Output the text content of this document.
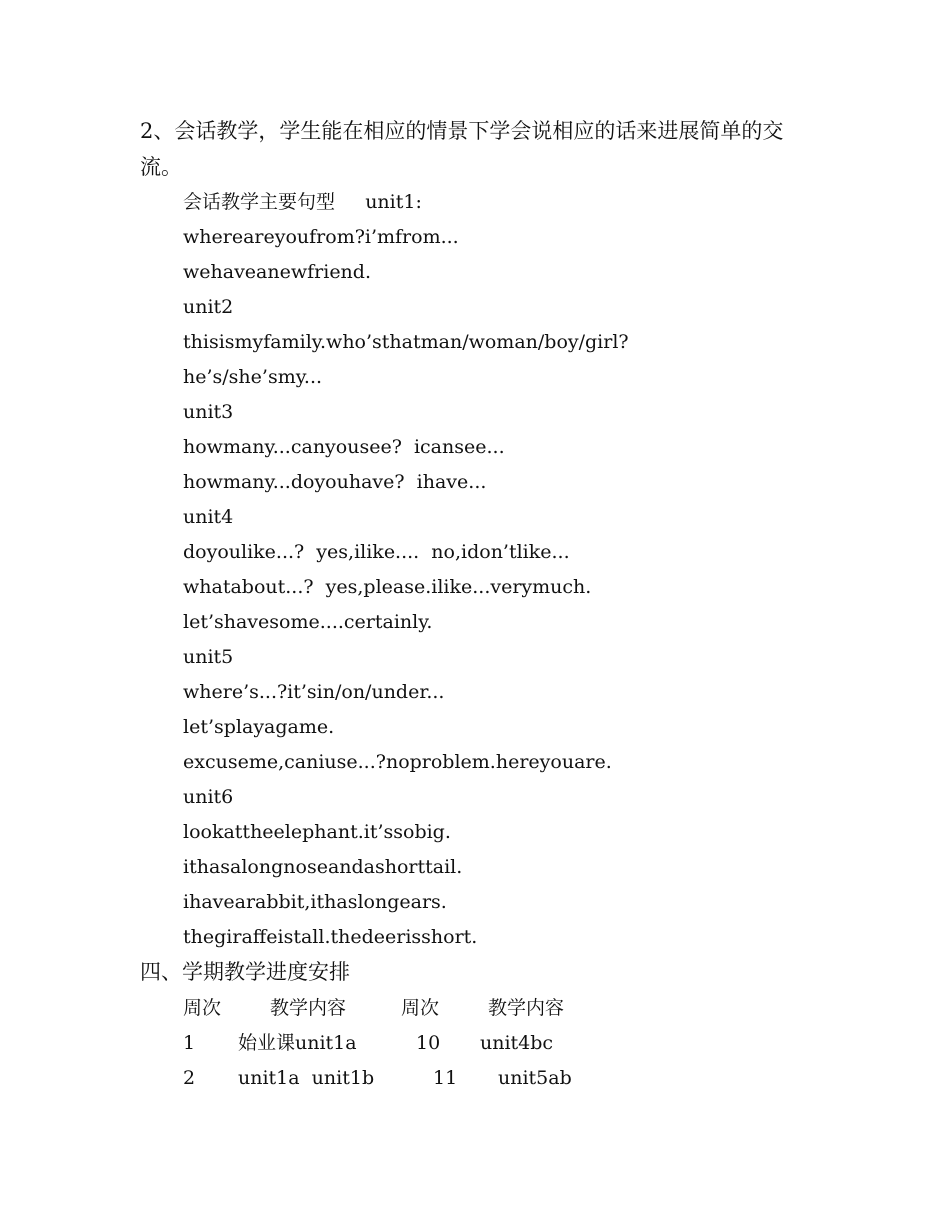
2、会话教学，学生能在相应的情景下学会说相应的话来进展简单的交
流。
会话教学主要句型     unit1:
whereareyoufrom?i’mfrom...
wehaveanewfriend.
unit2
thisismyfamily.who’sthatman/woman/boy/girl?
he’s/she’smy...
unit3
howmany...canyousee?  icansee...
howmany...doyouhave?  ihave...
unit4
doyoulike...?  yes,ilike....  no,idon’tlike...
whatabout...?  yes,please.ilike...verymuch.
let’shavesome....certainly.
unit5
where’s...?it’sin/on/under...
let’splayagame.
excuseme,caniuse...?noproblem.hereyouare.
unit6
lookattheelephant.it’ssobig.
ithasalongnoseandashorttail.
ihavearabbit,ithaslongears.
thegiraffeistall.thedeerisshort.
四、学期教学进度安排
周次	教学内容	周次	教学内容
1 始业课unit1a	10 unit4bc
2 unit1a  unit1b	11 unit5ab
